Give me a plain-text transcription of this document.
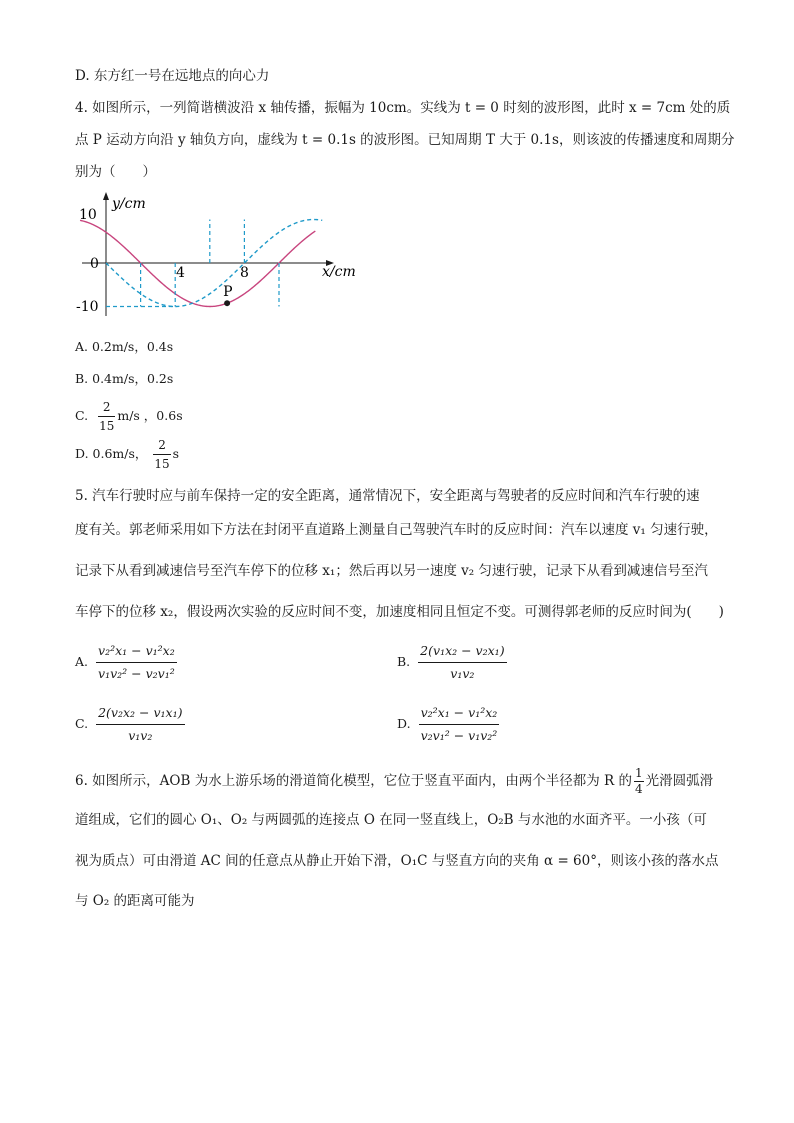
D. 东方红一号在远地点的向心力
4. 如图所示，一列简谐横波沿 x 轴传播，振幅为 10cm。实线为 t = 0 时刻的波形图，此时 x = 7cm 处的质
点 P 运动方向沿 y 轴负方向，虚线为 t = 0.1s 的波形图。已知周期 T 大于 0.1s，则该波的传播速度和周期分
别为（　　）
y/cm
x/cm
10
0
-10
4	8
P
A. 0.2m/s，0.4s
B. 0.4m/s，0.2s
C. $\frac{2}{15} m/s$ ，0.6s
D. 0.6m/s， $\frac{2}{15}$ s
5. 汽车行驶时应与前车保持一定的安全距离，通常情况下，安全距离与驾驶者的反应时间和汽车行驶的速
度有关。郭老师采用如下方法在封闭平直道路上测量自己驾驶汽车时的反应时间：汽车以速度 v₁ 匀速行驶，
记录下从看到减速信号至汽车停下的位移 x₁；然后再以另一速度 v₂ 匀速行驶，记录下从看到减速信号至汽
车停下的位移 x₂，假设两次实验的反应时间不变，加速度相同且恒定不变。可测得郭老师的反应时间为(　　)
A. $\frac{\text{v₂²x₁ − v₁²x₂}}{\text{v₁v₂² − v₂v₁²}}$	B. $\frac{\text{2(v₁x₂ − v₂x₁)}}{\text{v₁v₂}}$
C. $\frac{\text{2(v₂x₂ − v₁x₁)}}{\text{v₁v₂}}$	D. $\frac{\text{v₂²x₁ − v₁²x₂}}{\text{v₂v₁² − v₁v₂²}}$
6. 如图所示，AOB 为水上游乐场的滑道简化模型，它位于竖直平面内，由两个半径都为 R 的 $\frac{1}{4}$ 光滑圆弧滑
道组成，它们的圆心 O₁、O₂ 与两圆弧的连接点 O 在同一竖直线上，O₂B 与水池的水面齐平。一小孩（可
视为质点）可由滑道 AC 间的任意点从静止开始下滑，O₁C 与竖直方向的夹角 α = 60°，则该小孩的落水点
与 O₂ 的距离可能为
